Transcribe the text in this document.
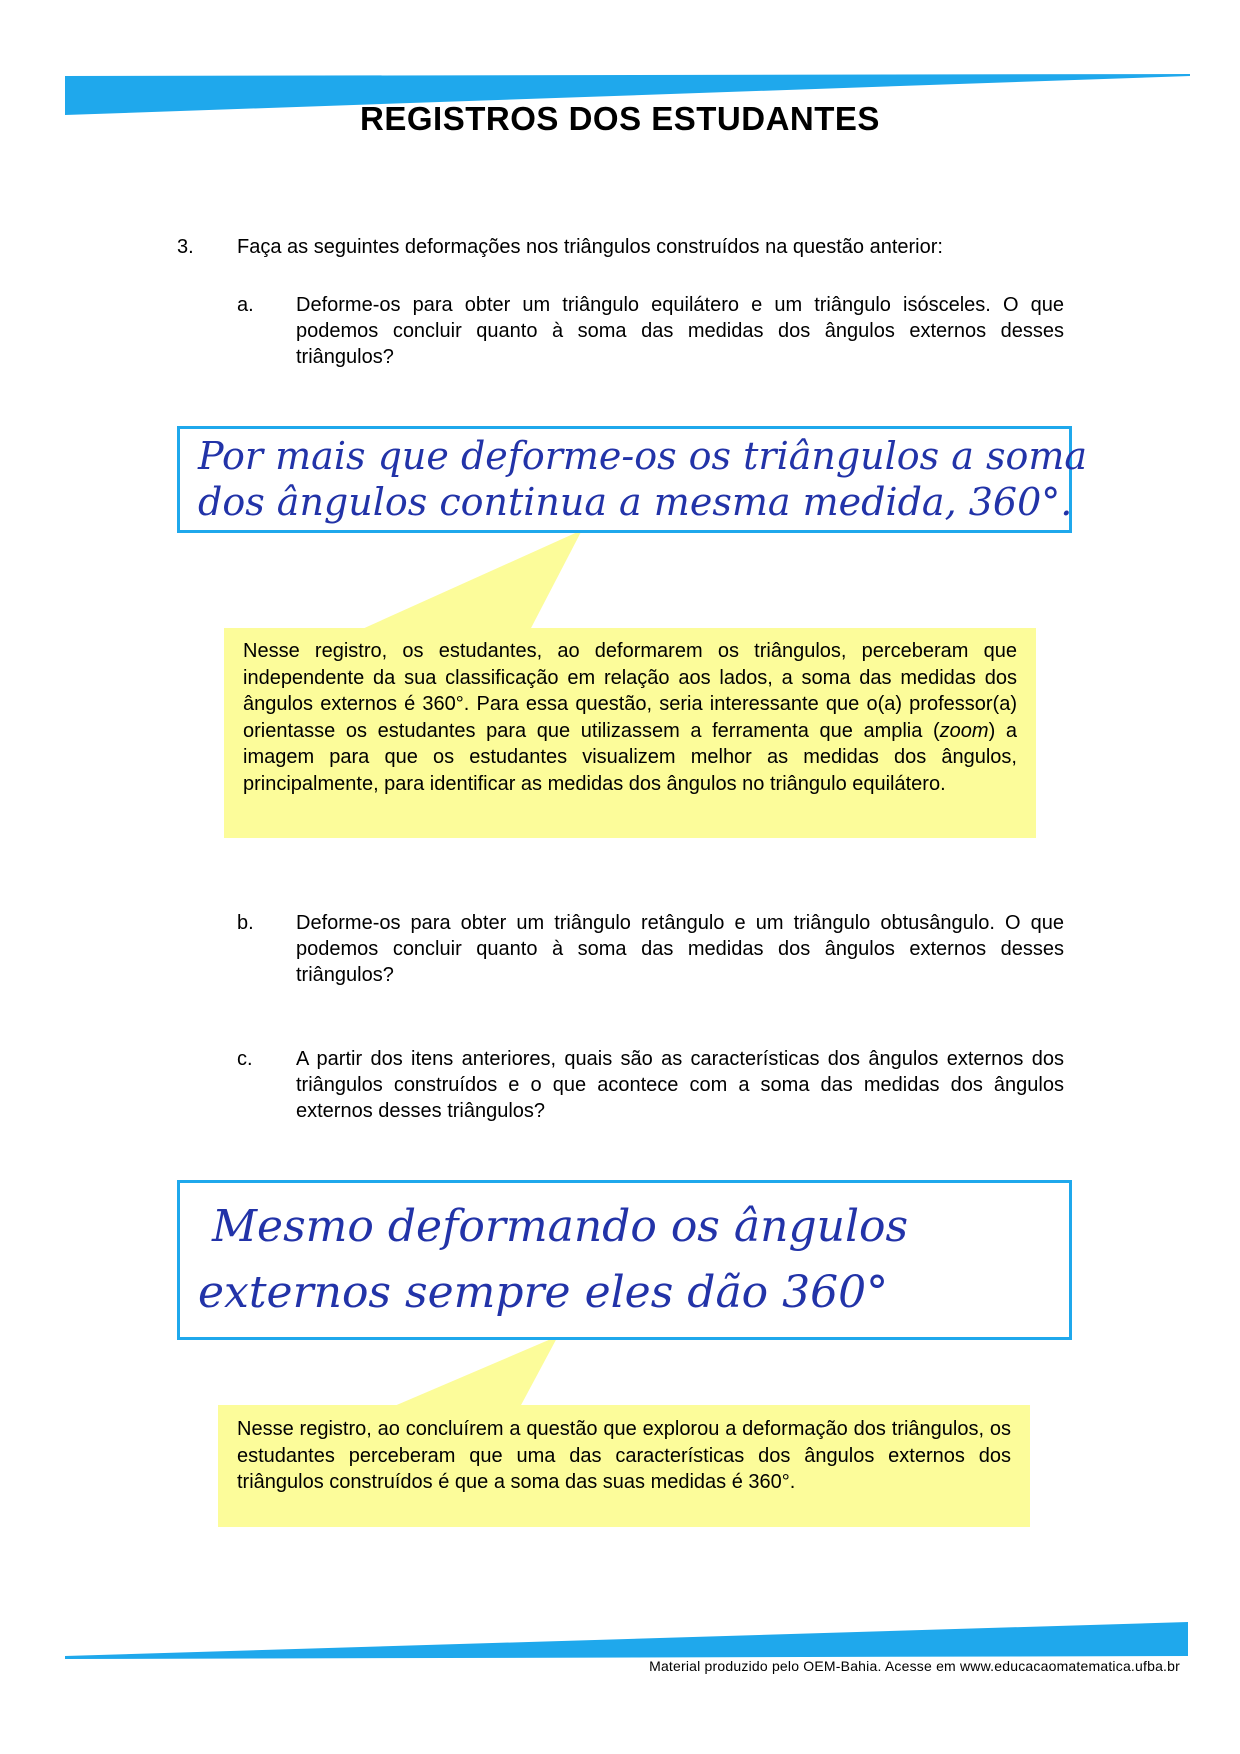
REGISTROS DOS ESTUDANTES
3.	Faça as seguintes deformações nos triângulos construídos na questão anterior:
a.	Deforme-os para obter um triângulo equilátero e um triângulo isósceles. O que podemos concluir quanto à soma das medidas dos ângulos externos desses triângulos?
Por mais que deforme-os os triângulos a soma
dos ângulos continua a mesma medida, 360°.
Nesse registro, os estudantes, ao deformarem os triângulos, perceberam que independente da sua classificação em relação aos lados, a soma das medidas dos ângulos externos é 360°. Para essa questão, seria interessante que o(a) professor(a) orientasse os estudantes para que utilizassem a ferramenta que amplia (zoom) a imagem para que os estudantes visualizem melhor as medidas dos ângulos, principalmente, para identificar as medidas dos ângulos no triângulo equilátero.
b.	Deforme-os para obter um triângulo retângulo e um triângulo obtusângulo. O que podemos concluir quanto à soma das medidas dos ângulos externos desses triângulos?
c.	A partir dos itens anteriores, quais são as características dos ângulos externos dos triângulos construídos e o que acontece com a soma das medidas dos ângulos externos desses triângulos?
Mesmo deformando os ângulos
externos sempre eles dão 360°
Nesse registro, ao concluírem a questão que explorou a deformação dos triângulos, os estudantes perceberam que uma das características dos ângulos externos dos triângulos construídos é que a soma das suas medidas é 360°.
Material produzido pelo OEM-Bahia. Acesse em www.educacaomatematica.ufba.br
